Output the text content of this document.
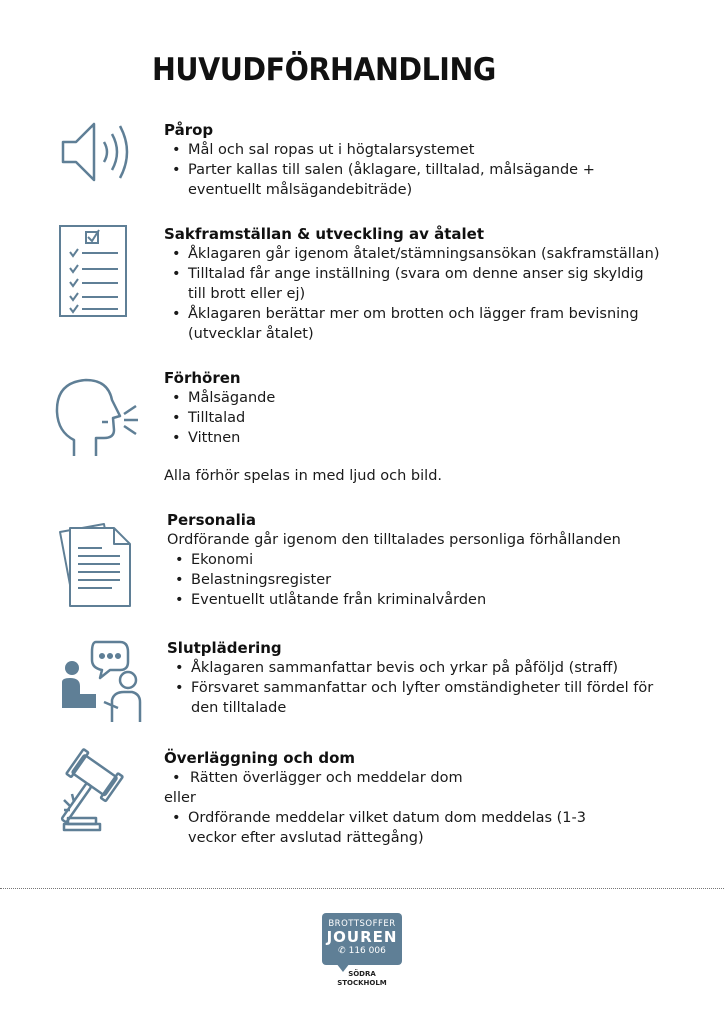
HUVUDFÖRHANDLING
Pårop
• Mål och sal ropas ut i högtalarsystemet
• Parter kallas till salen (åklagare, tilltalad, målsägande + eventuellt målsägandebiträde)
Sakframställan & utveckling av åtalet
• Åklagaren går igenom åtalet/stämningsansökan (sakframställan)
• Tilltalad får ange inställning (svara om denne anser sig skyldig till brott eller ej)
• Åklagaren berättar mer om brotten och lägger fram bevisning (utvecklar åtalet)
Förhören
• Målsägande
• Tilltalad
• Vittnen
Alla förhör spelas in med ljud och bild.
Personalia

Ordförande går igenom den tilltalades personliga förhållanden

• Ekonomi
• Belastningsregister
• Eventuellt utlåtande från kriminalvården
Slutplädering
• Åklagaren sammanfattar bevis och yrkar på påföljd (straff)
• Försvaret sammanfattar och lyfter omständigheter till fördel för den tilltalade
Överläggning och dom
• Rätten överlägger och meddelar dom

eller

• Ordförande meddelar vilket datum dom meddelas (1-3 veckor efter avslutad rättegång)
BROTTSOFFER
JOUREN
✆ 116 006
SÖDRA
STOCKHOLM
